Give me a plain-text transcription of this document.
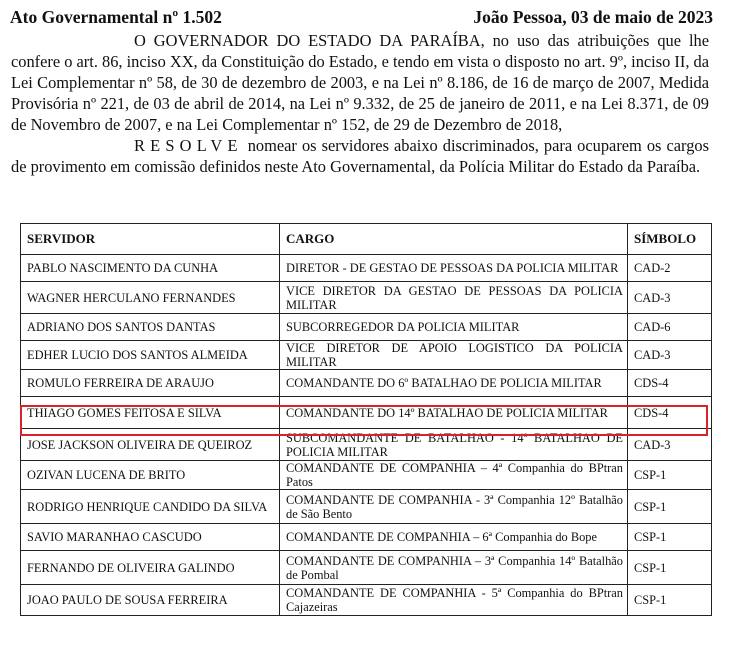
Ato Governamental nº 1.502	João Pessoa, 03 de maio de 2023

O GOVERNADOR DO ESTADO DA PARAÍBA, no uso das atribuições que lhe confere o art. 86, inciso XX, da Constituição do Estado, e tendo em vista o disposto no art. 9º, inciso II, da Lei Complementar nº 58, de 30 de dezembro de 2003, e na Lei nº 8.186, de 16 de março de 2007, Medida Provisória nº 221, de 03 de abril de 2014, na Lei nº 9.332, de 25 de janeiro de 2011, e na Lei 8.371, de 09 de Novembro de 2007, e na Lei Complementar nº 152, de 29 de Dezembro de 2018,

RESOLVE nomear os servidores abaixo discriminados, para ocuparem os cargos de provimento em comissão definidos neste Ato Governamental, da Polícia Militar do Estado da Paraíba.

SERVIDOR	CARGO	SÍMBOLO
PABLO NASCIMENTO DA CUNHA	DIRETOR - DE GESTAO DE PESSOAS DA POLICIA MILITAR	CAD-2
WAGNER HERCULANO FERNANDES	VICE DIRETOR DA GESTAO DE PESSOAS DA POLICIA MILITAR	CAD-3
ADRIANO DOS SANTOS DANTAS	SUBCORREGEDOR DA POLICIA MILITAR	CAD-6
EDHER LUCIO DOS SANTOS ALMEIDA	VICE DIRETOR DE APOIO LOGISTICO DA POLICIA MILITAR	CAD-3
ROMULO FERREIRA DE ARAUJO	COMANDANTE DO 6º BATALHAO DE POLICIA MILITAR	CDS-4
THIAGO GOMES FEITOSA E SILVA	COMANDANTE DO 14º BATALHAO DE POLICIA MILITAR	CDS-4
JOSE JACKSON OLIVEIRA DE QUEIROZ	SUBCOMANDANTE DE BATALHAO - 14º BATALHAO DE POLICIA MILITAR	CAD-3
OZIVAN LUCENA DE BRITO	COMANDANTE DE COMPANHIA – 4ª Companhia do BPtran Patos	CSP-1
RODRIGO HENRIQUE CANDIDO DA SILVA	COMANDANTE DE COMPANHIA - 3ª Companhia 12º Batalhão de São Bento	CSP-1
SAVIO MARANHAO CASCUDO	COMANDANTE DE COMPANHIA – 6ª Companhia do Bope	CSP-1
FERNANDO DE OLIVEIRA GALINDO	COMANDANTE DE COMPANHIA – 3ª Companhia 14º Batalhão de Pombal	CSP-1
JOAO PAULO DE SOUSA FERREIRA	COMANDANTE DE COMPANHIA - 5ª Companhia do BPtran Cajazeiras	CSP-1
